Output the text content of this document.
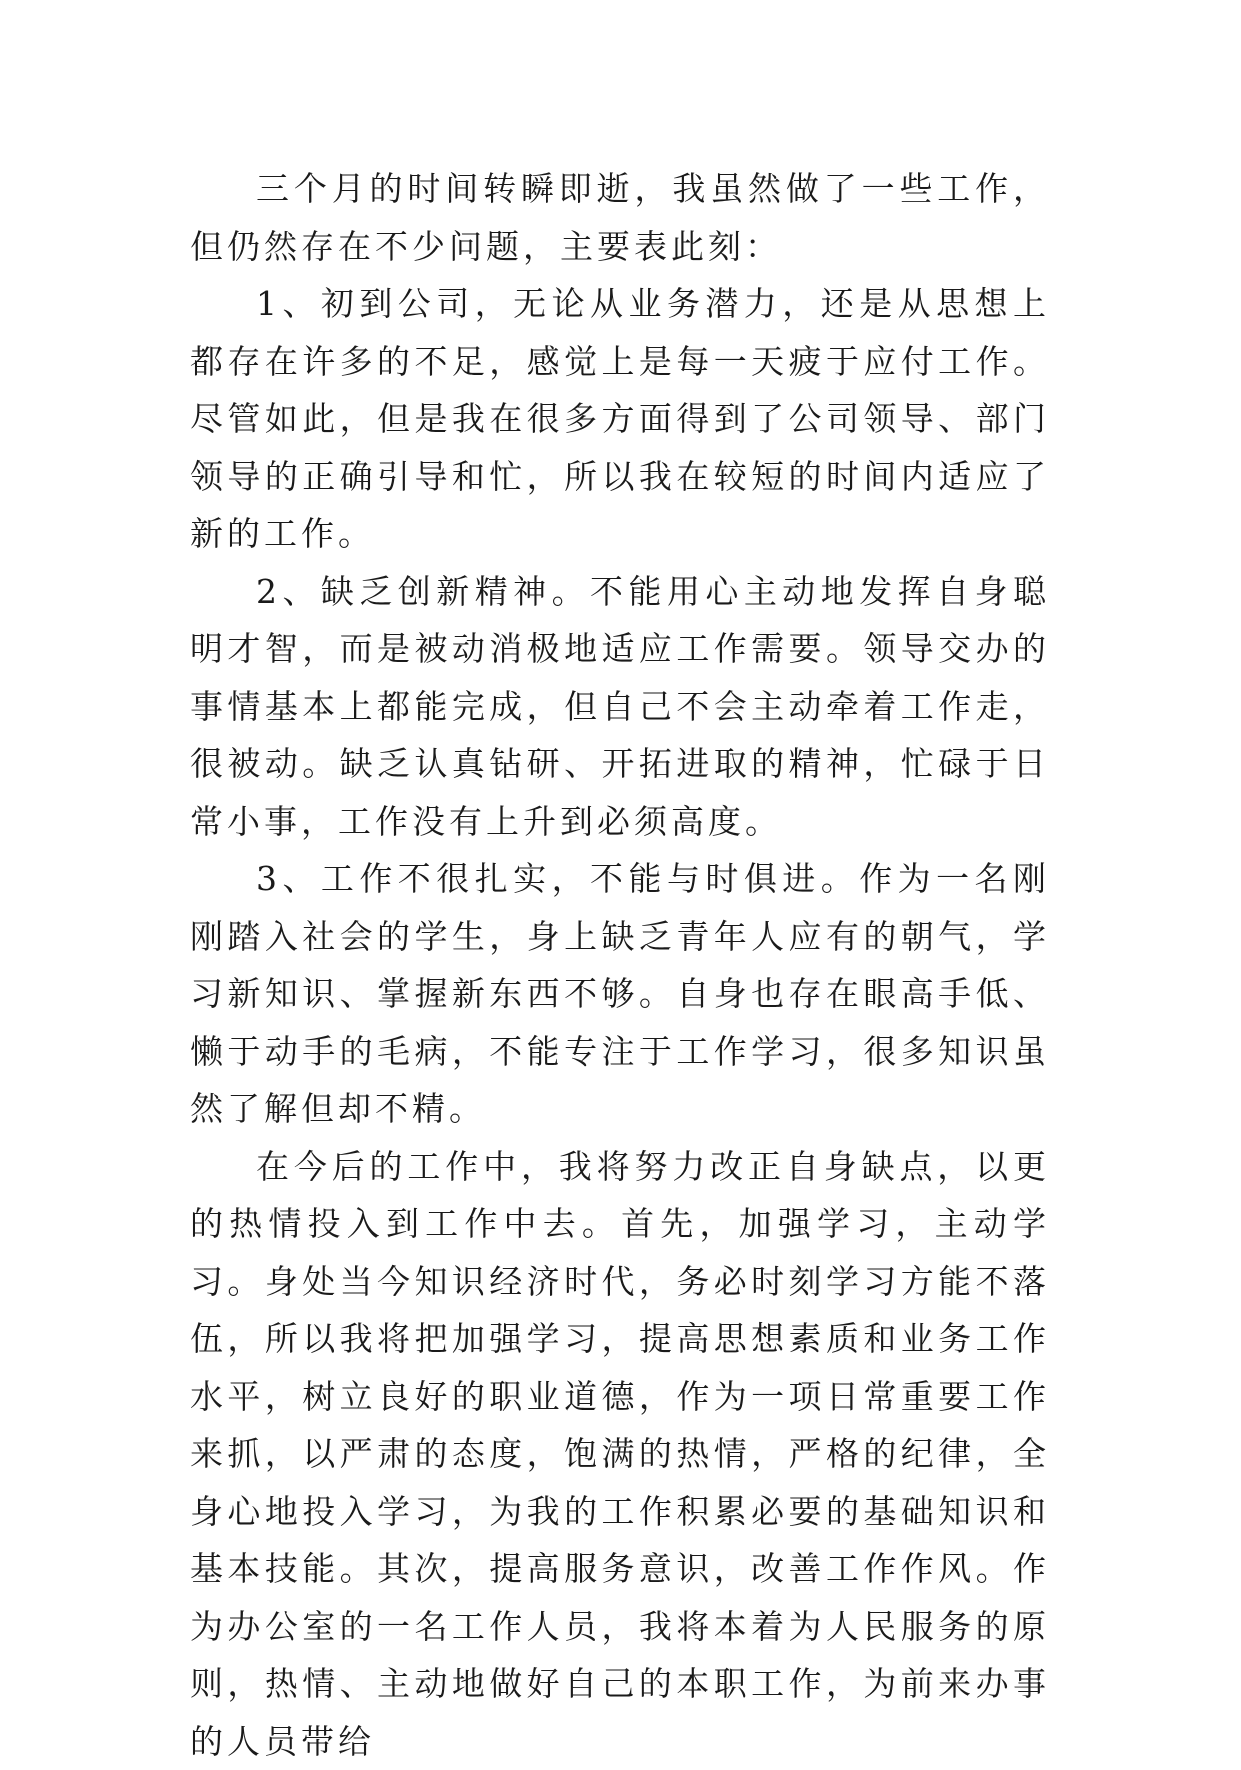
三个月的时间转瞬即逝，我虽然做了一些工作，但仍然存在不少问题，主要表此刻：

1、初到公司，无论从业务潜力，还是从思想上都存在许多的不足，感觉上是每一天疲于应付工作。尽管如此，但是我在很多方面得到了公司领导、部门领导的正确引导和忙，所以我在较短的时间内适应了新的工作。

2、缺乏创新精神。不能用心主动地发挥自身聪明才智，而是被动消极地适应工作需要。领导交办的事情基本上都能完成，但自己不会主动牵着工作走，很被动。缺乏认真钻研、开拓进取的精神，忙碌于日常小事，工作没有上升到必须高度。

3、工作不很扎实，不能与时俱进。作为一名刚刚踏入社会的学生，身上缺乏青年人应有的朝气，学习新知识、掌握新东西不够。自身也存在眼高手低、懒于动手的毛病，不能专注于工作学习，很多知识虽然了解但却不精。

在今后的工作中，我将努力改正自身缺点，以更的热情投入到工作中去。首先，加强学习，主动学习。身处当今知识经济时代，务必时刻学习方能不落伍，所以我将把加强学习，提高思想素质和业务工作水平，树立良好的职业道德，作为一项日常重要工作来抓，以严肃的态度，饱满的热情，严格的纪律，全身心地投入学习，为我的工作积累必要的基础知识和基本技能。其次，提高服务意识，改善工作作风。作为办公室的一名工作人员，我将本着为人民服务的原则，热情、主动地做好自己的本职工作，为前来办事的人员带给
